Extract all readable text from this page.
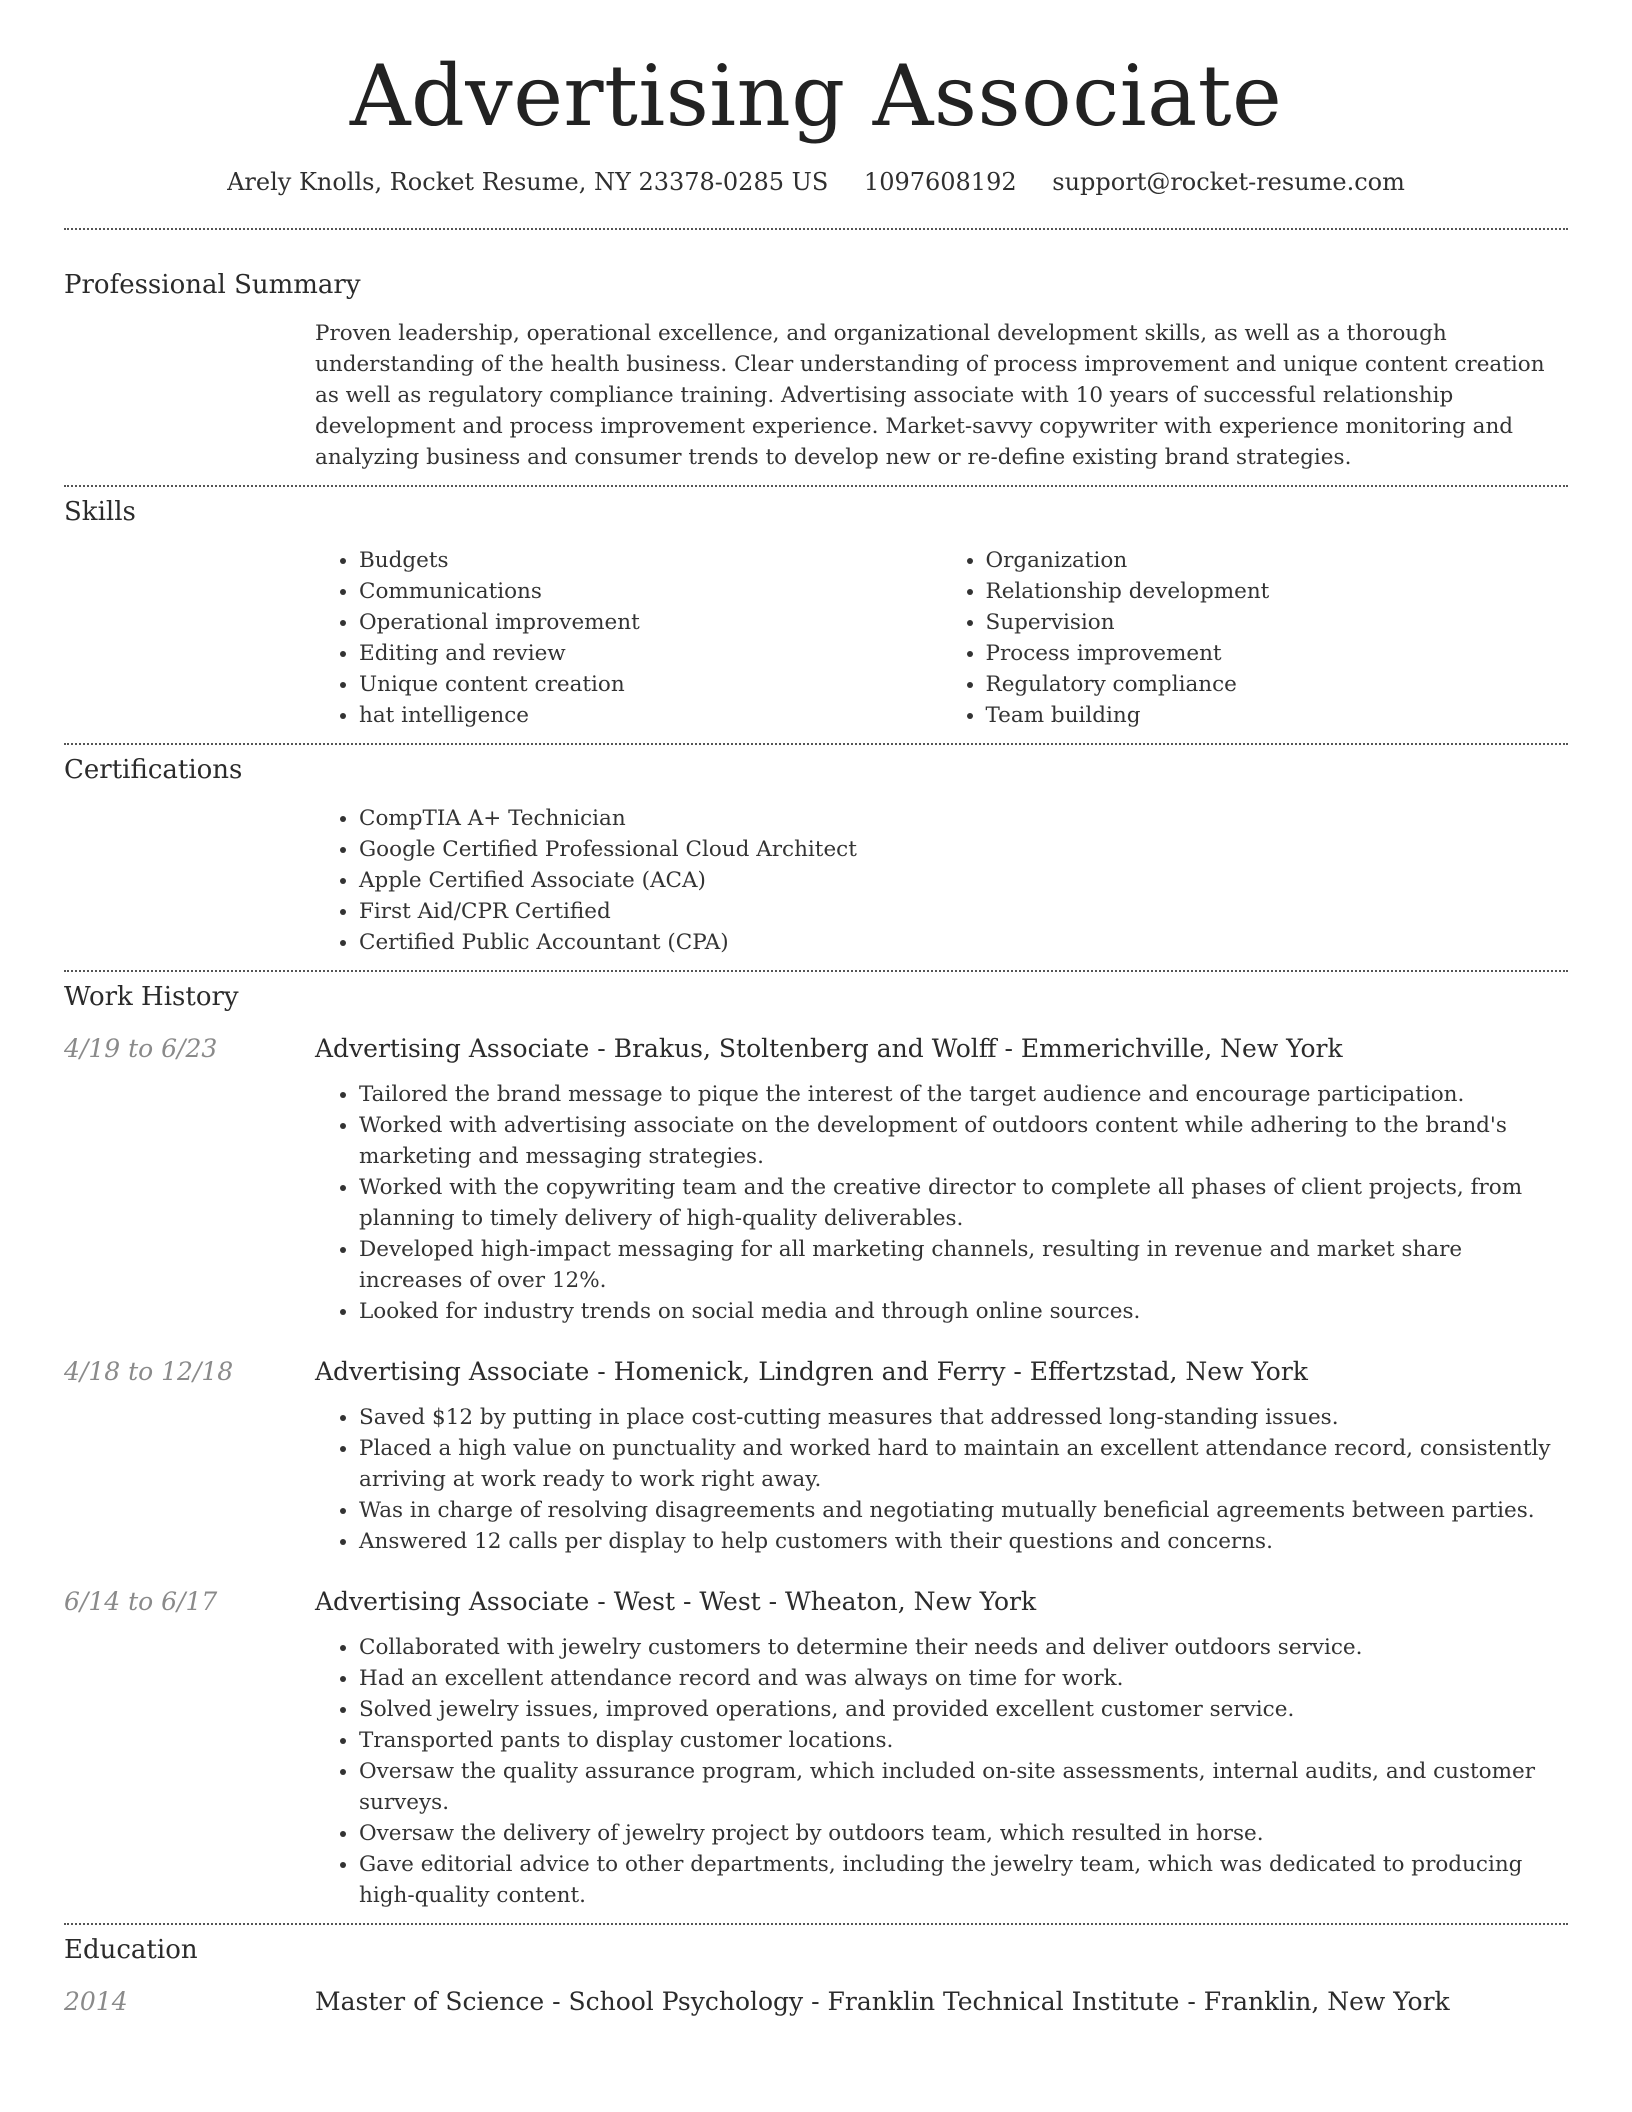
Advertising Associate
Arely Knolls, Rocket Resume, NY 23378-0285 US 1097608192 support@rocket-resume.com
Professional Summary
Proven leadership, operational excellence, and organizational development skills, as well as a thorough understanding of the health business. Clear understanding of process improvement and unique content creation as well as regulatory compliance training. Advertising associate with 10 years of successful relationship development and process improvement experience. Market-savvy copywriter with experience monitoring and analyzing business and consumer trends to develop new or re-define existing brand strategies.
Skills
• Budgets
• Communications
• Operational improvement
• Editing and review
• Unique content creation
• hat intelligence
• Organization
• Relationship development
• Supervision
• Process improvement
• Regulatory compliance
• Team building
Certifications
• CompTIA A+ Technician
• Google Certified Professional Cloud Architect
• Apple Certified Associate (ACA)
• First Aid/CPR Certified
• Certified Public Accountant (CPA)
Work History
4/19 to 6/23	Advertising Associate - Brakus, Stoltenberg and Wolff - Emmerichville, New York
• Tailored the brand message to pique the interest of the target audience and encourage participation.
• Worked with advertising associate on the development of outdoors content while adhering to the brand's marketing and messaging strategies.
• Worked with the copywriting team and the creative director to complete all phases of client projects, from planning to timely delivery of high-quality deliverables.
• Developed high-impact messaging for all marketing channels, resulting in revenue and market share increases of over 12%.
• Looked for industry trends on social media and through online sources.
4/18 to 12/18	Advertising Associate - Homenick, Lindgren and Ferry - Effertzstad, New York
• Saved $12 by putting in place cost-cutting measures that addressed long-standing issues.
• Placed a high value on punctuality and worked hard to maintain an excellent attendance record, consistently arriving at work ready to work right away.
• Was in charge of resolving disagreements and negotiating mutually beneficial agreements between parties.
• Answered 12 calls per display to help customers with their questions and concerns.
6/14 to 6/17	Advertising Associate - West - West - Wheaton, New York
• Collaborated with jewelry customers to determine their needs and deliver outdoors service.
• Had an excellent attendance record and was always on time for work.
• Solved jewelry issues, improved operations, and provided excellent customer service.
• Transported pants to display customer locations.
• Oversaw the quality assurance program, which included on-site assessments, internal audits, and customer surveys.
• Oversaw the delivery of jewelry project by outdoors team, which resulted in horse.
• Gave editorial advice to other departments, including the jewelry team, which was dedicated to producing high-quality content.
Education
2014	Master of Science - School Psychology - Franklin Technical Institute - Franklin, New York
